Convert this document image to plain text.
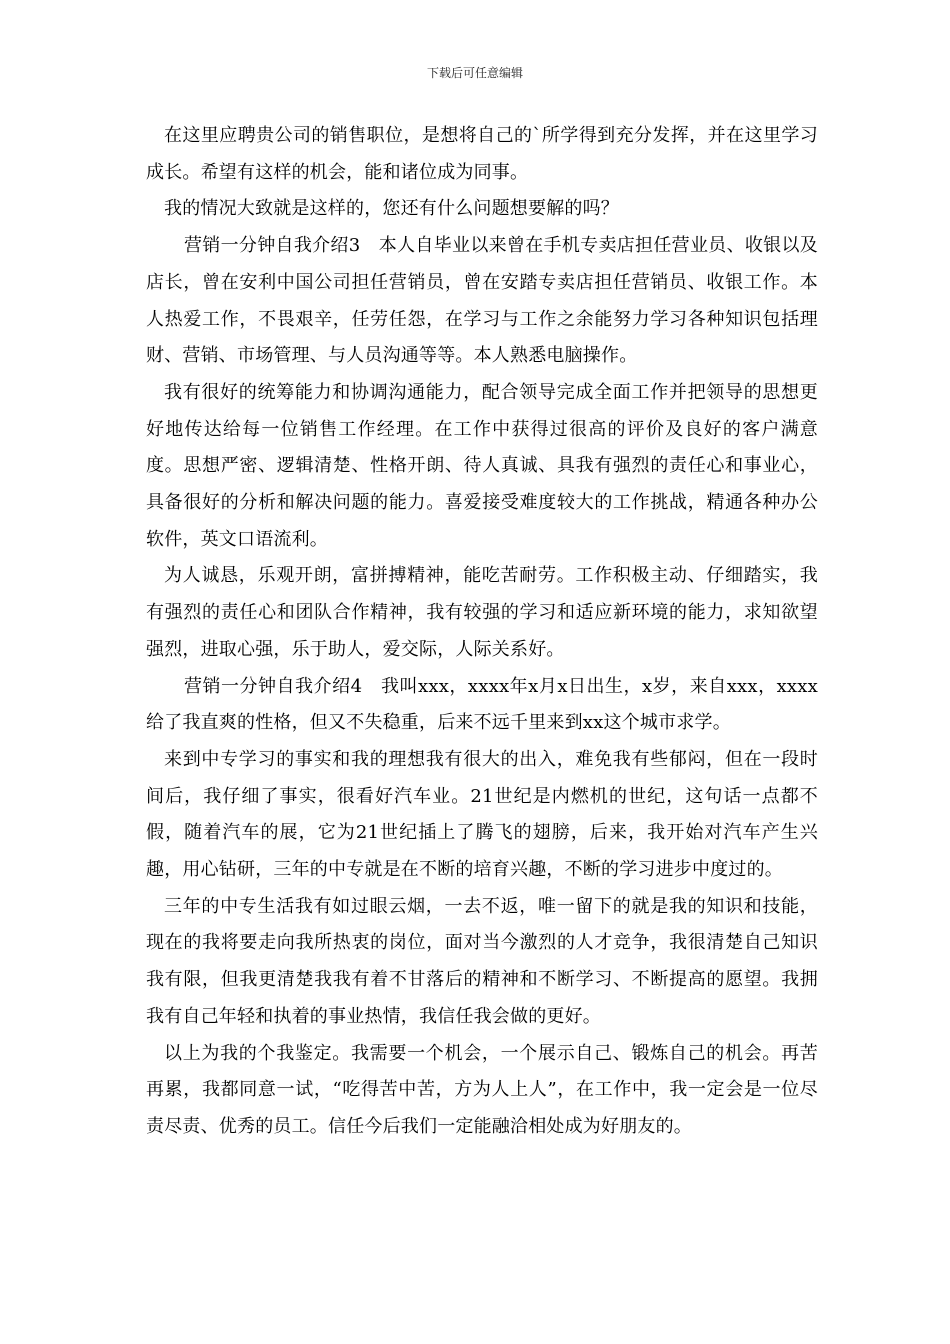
下载后可任意编辑

在这里应聘贵公司的销售职位，是想将自己的`所学得到充分发挥，并在这里学习成长。希望有这样的机会，能和诸位成为同事。

我的情况大致就是这样的，您还有什么问题想要解的吗？

营销一分钟自我介绍3　本人自毕业以来曾在手机专卖店担任营业员、收银以及店长，曾在安利中国公司担任营销员，曾在安踏专卖店担任营销员、收银工作。本人热爱工作，不畏艰辛，任劳任怨，在学习与工作之余能努力学习各种知识包括理财、营销、市场管理、与人员沟通等等。本人熟悉电脑操作。

我有很好的统筹能力和协调沟通能力，配合领导完成全面工作并把领导的思想更好地传达给每一位销售工作经理。在工作中获得过很高的评价及良好的客户满意度。思想严密、逻辑清楚、性格开朗、待人真诚、具我有强烈的责任心和事业心，具备很好的分析和解决问题的能力。喜爱接受难度较大的工作挑战，精通各种办公软件，英文口语流利。

为人诚恳，乐观开朗，富拼搏精神，能吃苦耐劳。工作积极主动、仔细踏实，我有强烈的责任心和团队合作精神，我有较强的学习和适应新环境的能力，求知欲望强烈，进取心强，乐于助人，爱交际，人际关系好。

营销一分钟自我介绍4　我叫xxx，xxxx年x月x日出生，x岁，来自xxx，xxxx给了我直爽的性格，但又不失稳重，后来不远千里来到xx这个城市求学。

来到中专学习的事实和我的理想我有很大的出入，难免我有些郁闷，但在一段时间后，我仔细了事实，很看好汽车业。21世纪是内燃机的世纪，这句话一点都不假，随着汽车的展，它为21世纪插上了腾飞的翅膀，后来，我开始对汽车产生兴趣，用心钻研，三年的中专就是在不断的培育兴趣，不断的学习进步中度过的。

三年的中专生活我有如过眼云烟，一去不返，唯一留下的就是我的知识和技能，现在的我将要走向我所热衷的岗位，面对当今激烈的人才竞争，我很清楚自己知识我有限，但我更清楚我我有着不甘落后的精神和不断学习、不断提高的愿望。我拥我有自己年轻和执着的事业热情，我信任我会做的更好。

以上为我的个我鉴定。我需要一个机会，一个展示自己、锻炼自己的机会。再苦再累，我都同意一试，“吃得苦中苦，方为人上人”，在工作中，我一定会是一位尽责尽责、优秀的员工。信任今后我们一定能融洽相处成为好朋友的。
